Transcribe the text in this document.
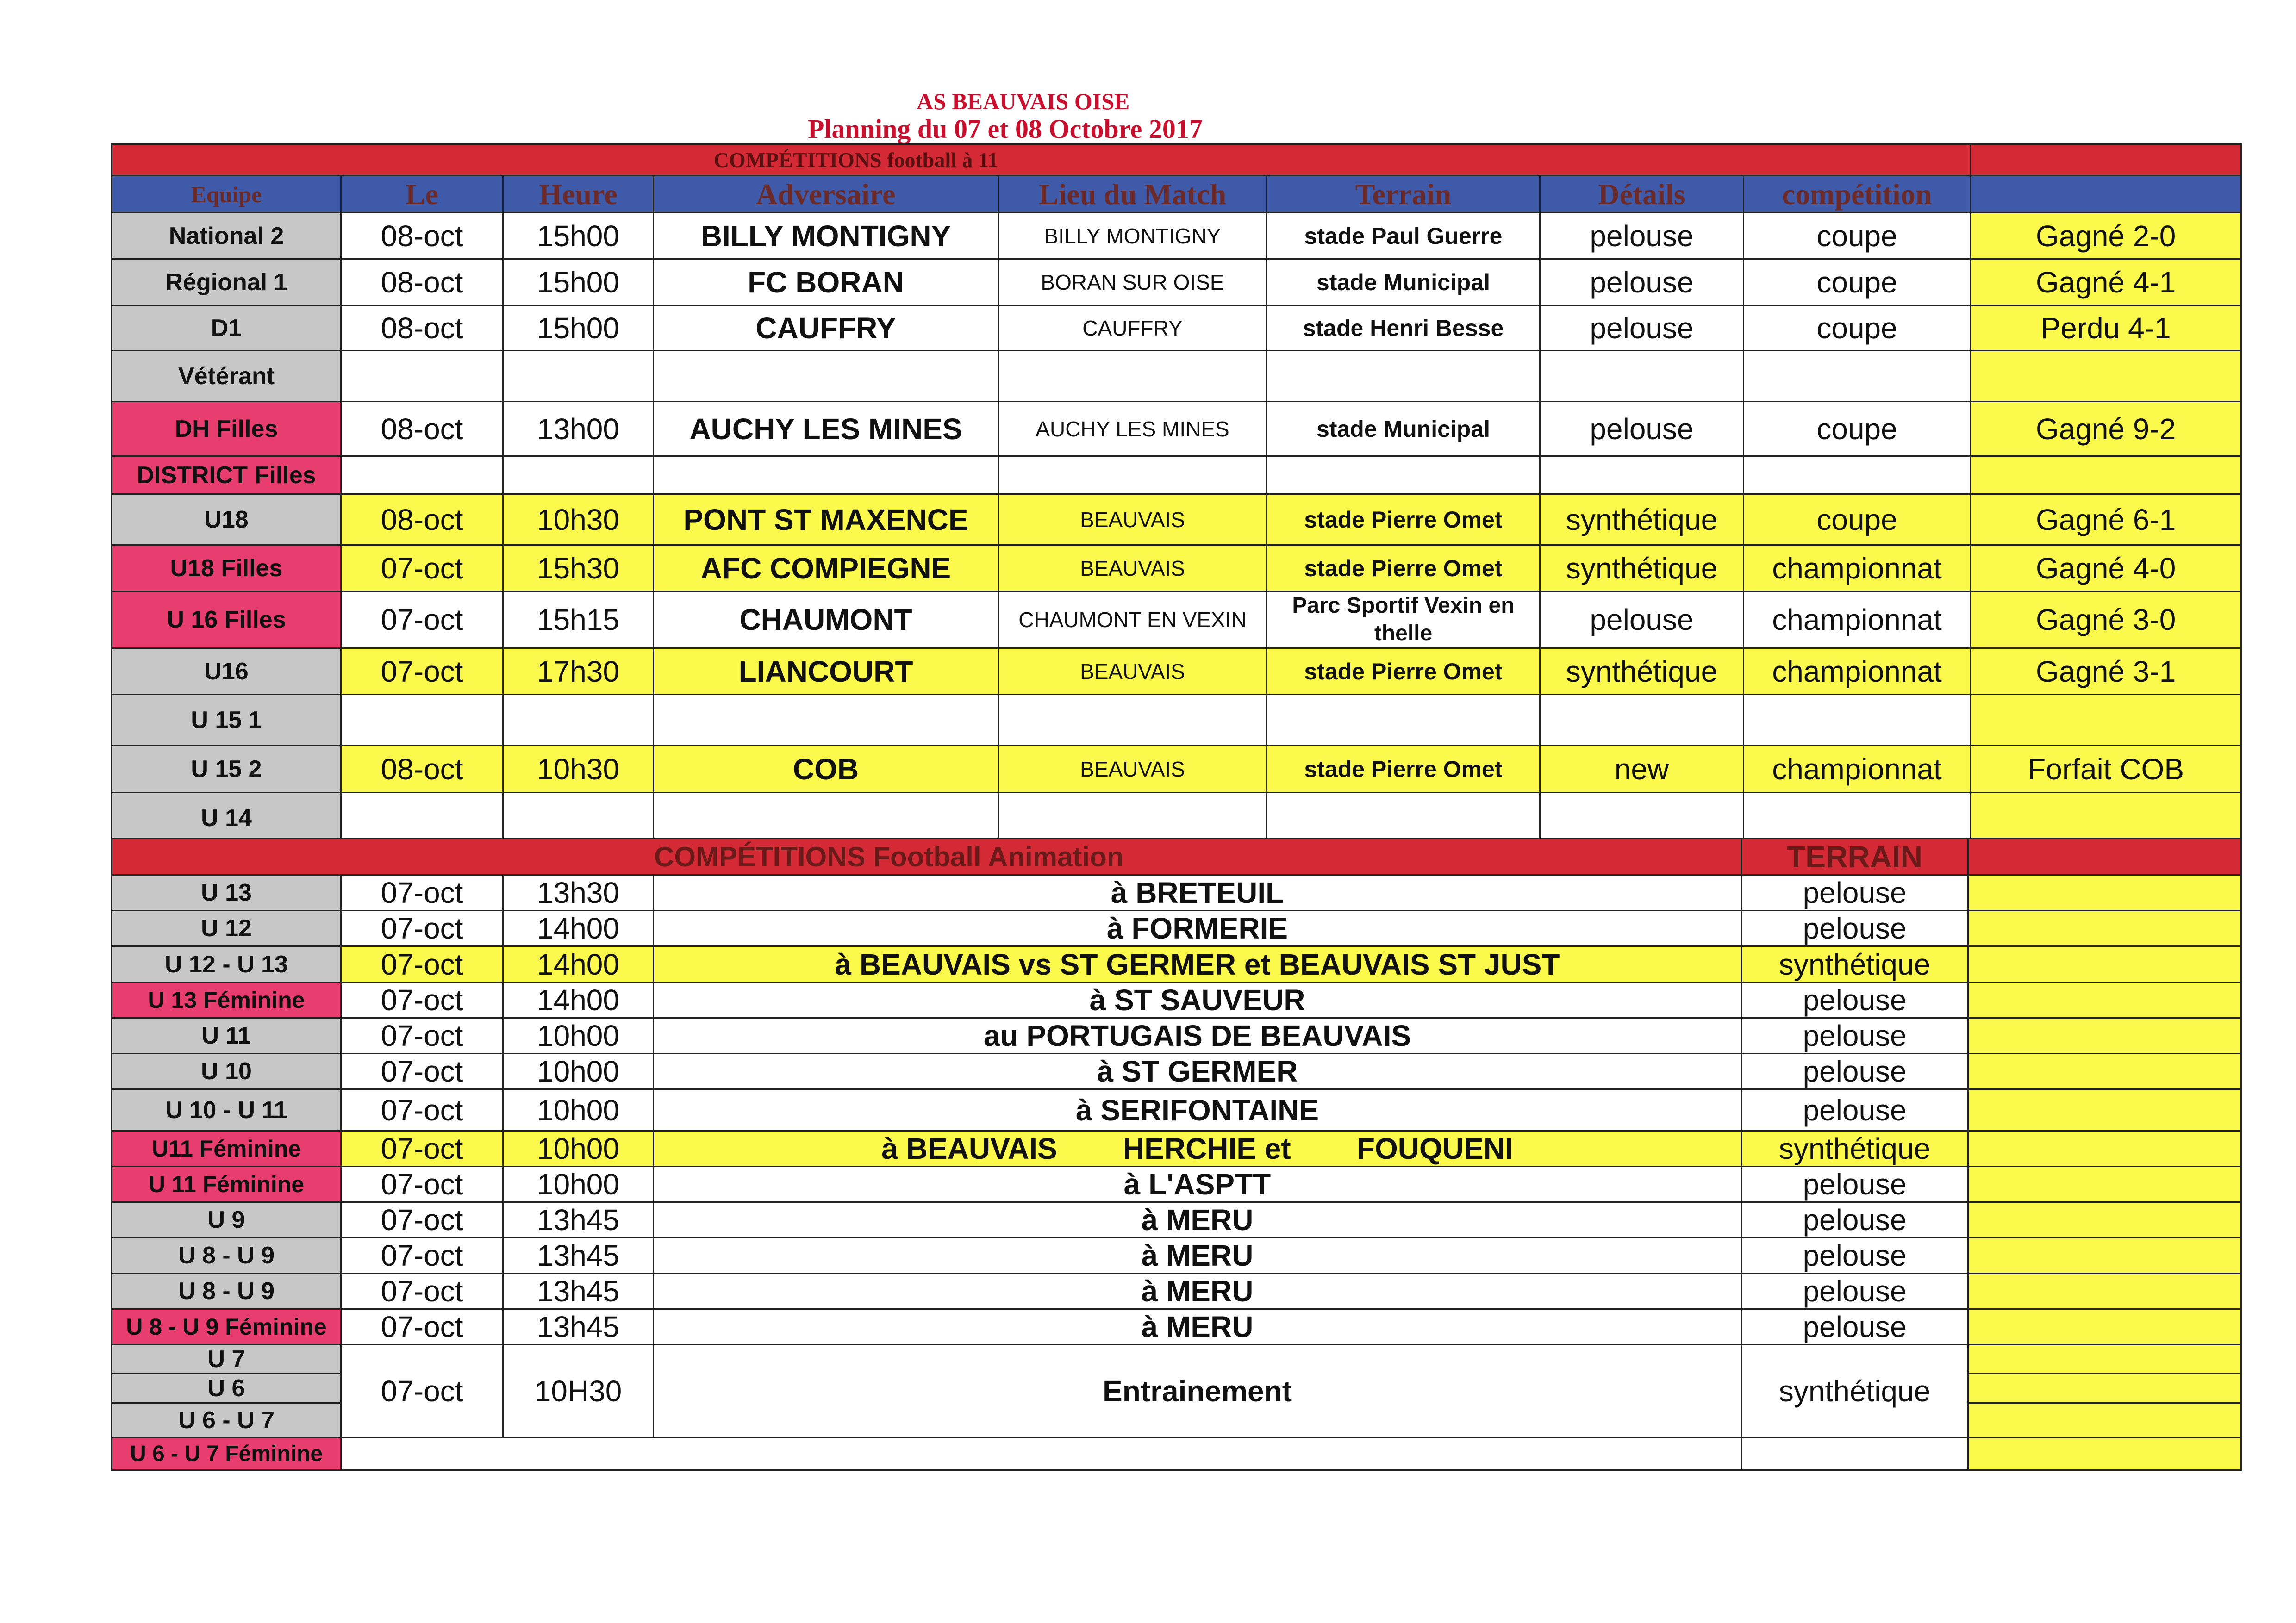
AS BEAUVAIS OISE
Planning du 07 et 08 Octobre 2017
COMPÉTITIONS football à 11								
Equipe	Le	Heure	Adversaire	Lieu du Match	Terrain	Détails	compétition	
National 2	08-oct	15h00	BILLY MONTIGNY	BILLY MONTIGNY	stade Paul Guerre	pelouse	coupe	Gagné 2-0
Régional 1	08-oct	15h00	FC BORAN	BORAN SUR OISE	stade Municipal	pelouse	coupe	Gagné 4-1
D1	08-oct	15h00	CAUFFRY	CAUFFRY	stade Henri Besse	pelouse	coupe	Perdu 4-1
Vétérant								
DH Filles	08-oct	13h00	AUCHY LES MINES	AUCHY LES MINES	stade Municipal	pelouse	coupe	Gagné 9-2
DISTRICT Filles								
U18	08-oct	10h30	PONT ST MAXENCE	BEAUVAIS	stade Pierre Omet	synthétique	coupe	Gagné 6-1
U18 Filles	07-oct	15h30	AFC COMPIEGNE	BEAUVAIS	stade Pierre Omet	synthétique	championnat	Gagné 4-0
U 16 Filles	07-oct	15h15	CHAUMONT	CHAUMONT EN VEXIN	Parc Sportif Vexin en thelle	pelouse	championnat	Gagné 3-0
U16	07-oct	17h30	LIANCOURT	BEAUVAIS	stade Pierre Omet	synthétique	championnat	Gagné 3-1
U 15 1								
U 15 2	08-oct	10h30	COB	BEAUVAIS	stade Pierre Omet	new	championnat	Forfait COB
U 14								
COMPÉTITIONS Football Animation				TERRAIN	
U 13	07-oct	13h30	à BRETEUIL	pelouse	
U 12	07-oct	14h00	à FORMERIE	pelouse	
U 12 - U 13	07-oct	14h00	à BEAUVAIS vs ST GERMER et BEAUVAIS ST JUST	synthétique	
U 13 Féminine	07-oct	14h00	à ST SAUVEUR	pelouse	
U 11	07-oct	10h00	au PORTUGAIS DE BEAUVAIS	pelouse	
U 10	07-oct	10h00	à ST GERMER	pelouse	
U 10 - U 11	07-oct	10h00	à SERIFONTAINE	pelouse	
U11 Féminine	07-oct	10h00	à BEAUVAIS        HERCHIE et        FOUQUENI	synthétique	
U 11 Féminine	07-oct	10h00	à L'ASPTT	pelouse	
U 9	07-oct	13h45	à MERU	pelouse	
U 8 - U 9	07-oct	13h45	à MERU	pelouse	
U 8 - U 9	07-oct	13h45	à MERU	pelouse	
U 8 - U 9 Féminine	07-oct	13h45	à MERU	pelouse	
U 7	07-oct	10H30	Entrainement	synthétique	
U 6					
U 6 - U 7					
U 6 - U 7 Féminine					
